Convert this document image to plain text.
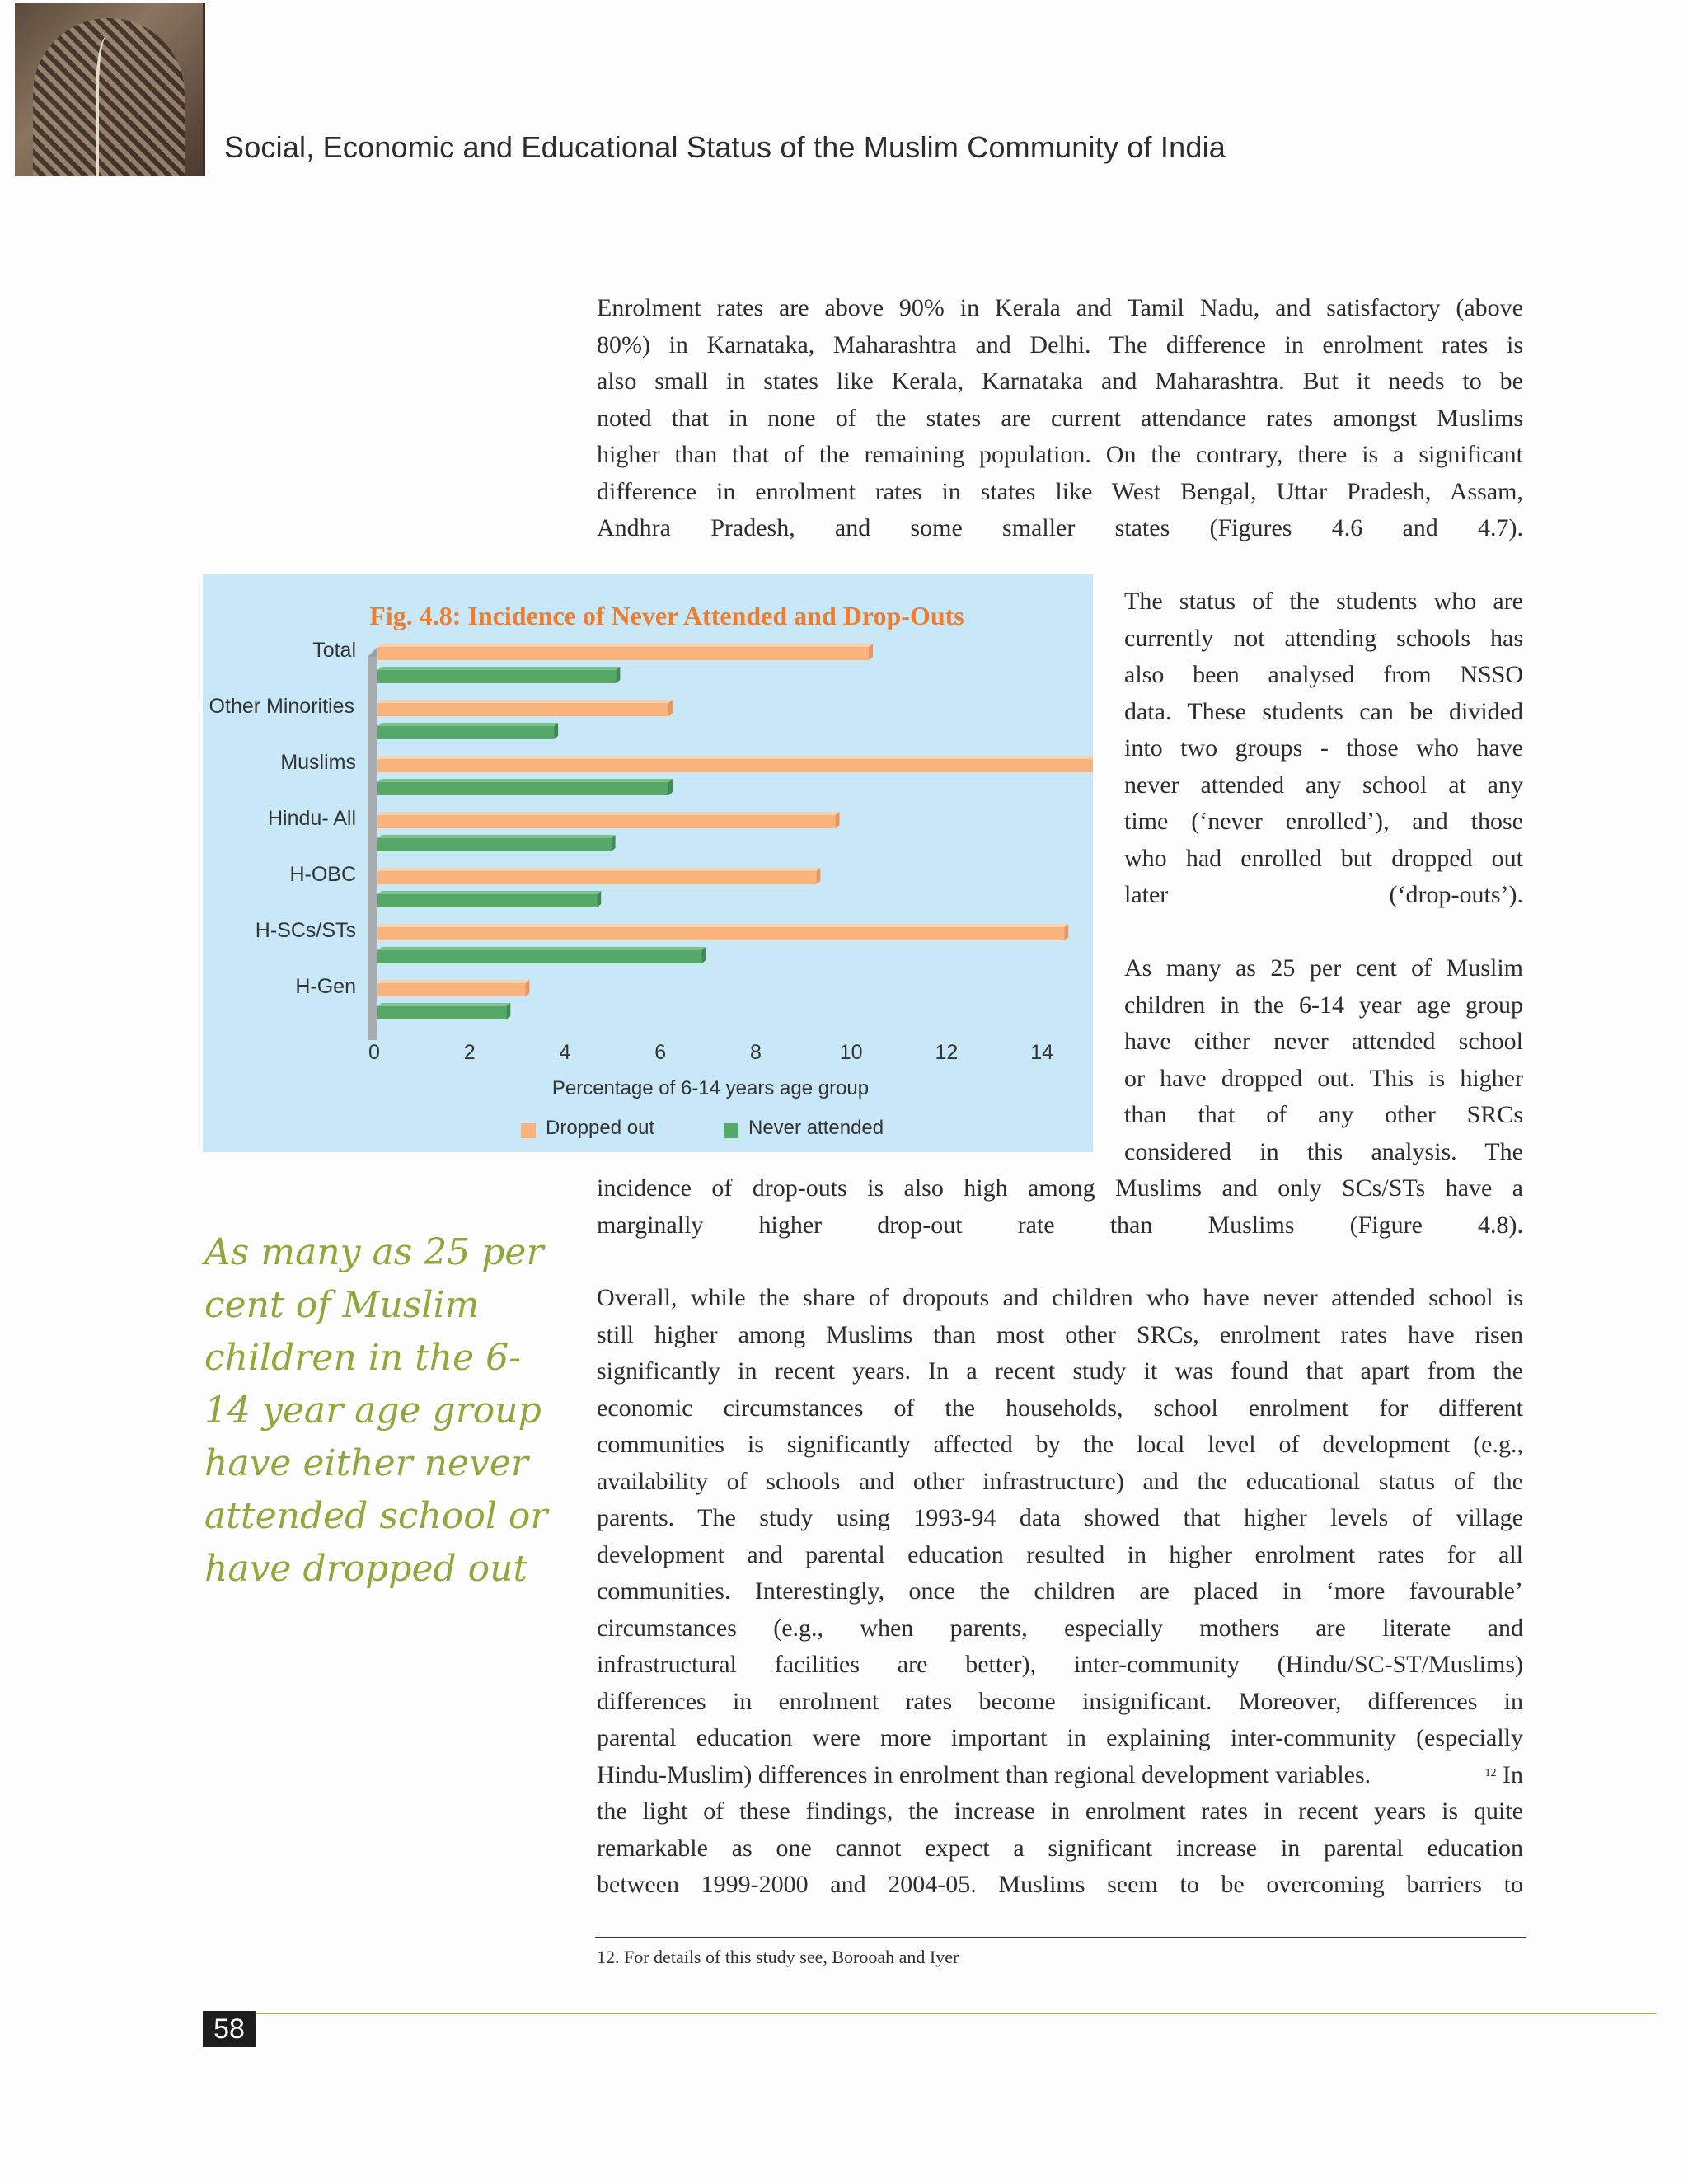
Social, Economic and Educational Status of the Muslim Community of India
Enrolment rates are above 90% in Kerala and Tamil Nadu, and satisfactory (above
80%) in Karnataka, Maharashtra and Delhi. The difference in enrolment rates is
also small in states like Kerala, Karnataka and Maharashtra. But it needs to be
noted that in none of the states are current attendance rates amongst Muslims
higher than that of the remaining population. On the contrary, there is a significant
difference in enrolment rates in states like West Bengal, Uttar Pradesh, Assam,
Andhra Pradesh, and some smaller states (Figures 4.6 and 4.7).
Fig. 4.8: Incidence of Never Attended and Drop-Outs
Total
Other Minorities
Muslims
Hindu- All
H-OBC
H-SCs/STs
H-Gen
0	2	4	6	8	10	12	14
Percentage of 6-14 years age group
Dropped out	Never attended
The status of the students who are
currently not attending schools has
also been analysed from NSSO
data. These students can be divided
into two groups - those who have
never attended any school at any
time (‘never enrolled’), and those
who had enrolled but dropped out
later (‘drop-outs’).
As many as 25 per cent of Muslim
children in the 6-14 year age group
have either never attended school
or have dropped out. This is higher
than that of any other SRCs
considered in this analysis. The
incidence of drop-outs is also high among Muslims and only SCs/STs have a
marginally higher drop-out rate than Muslims (Figure 4.8).
As many as 25 per cent of Muslim children in the 6-14 year age group have either never attended school or have dropped out
Overall, while the share of dropouts and children who have never attended school is
still higher among Muslims than most other SRCs, enrolment rates have risen
significantly in recent years. In a recent study it was found that apart from the
economic circumstances of the households, school enrolment for different
communities is significantly affected by the local level of development (e.g.,
availability of schools and other infrastructure) and the educational status of the
parents. The study using 1993-94 data showed that higher levels of village
development and parental education resulted in higher enrolment rates for all
communities. Interestingly, once the children are placed in ‘more favourable’
circumstances (e.g., when parents, especially mothers are literate and
infrastructural facilities are better), inter-community (Hindu/SC-ST/Muslims)
differences in enrolment rates become insignificant. Moreover, differences in
parental education were more important in explaining inter-community (especially
Hindu-Muslim) differences in enrolment than regional development variables.	$^{12}$ In
the light of these findings, the increase in enrolment rates in recent years is quite
remarkable as one cannot expect a significant increase in parental education
between 1999-2000 and 2004-05. Muslims seem to be overcoming barriers to
12. For details of this study see, Borooah and Iyer
58
